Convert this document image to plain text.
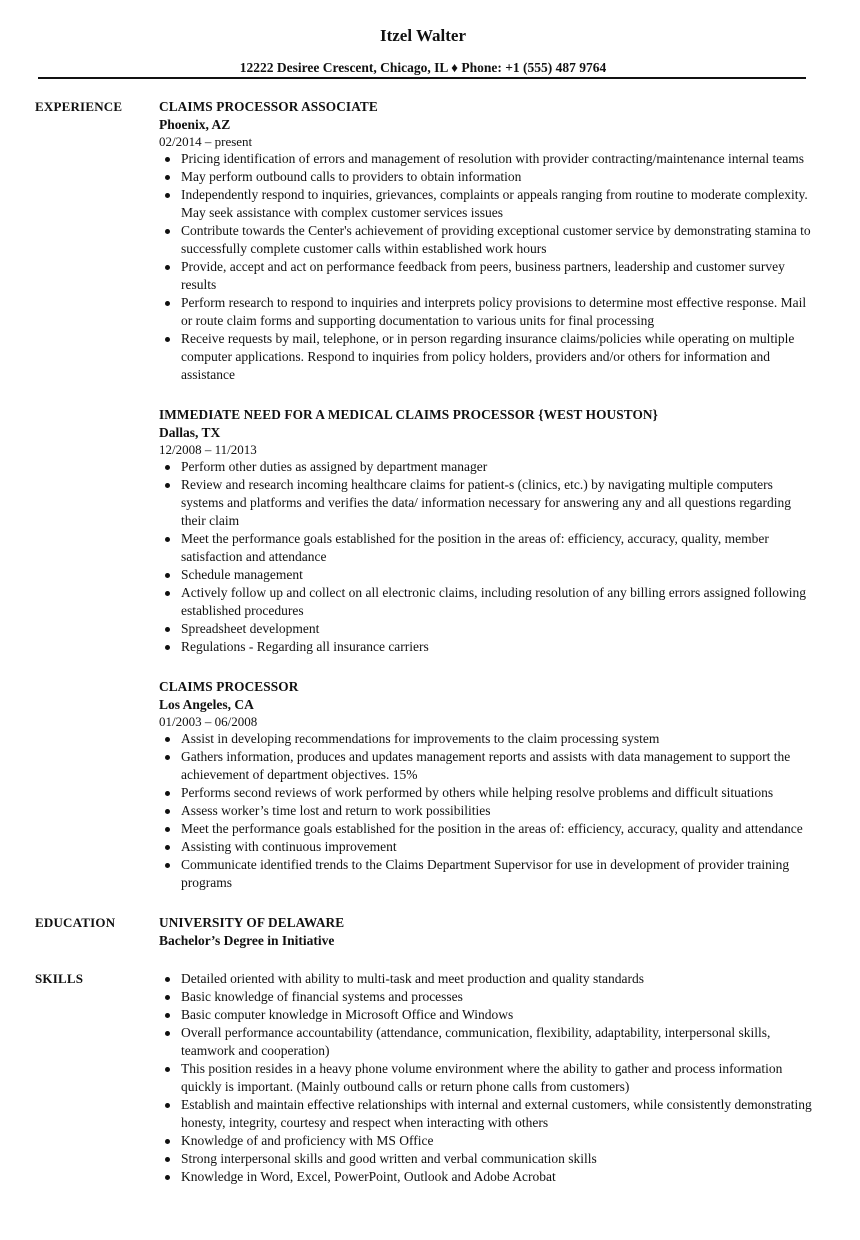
Itzel Walter
12222 Desiree Crescent, Chicago, IL ♦ Phone: +1 (555) 487 9764
EXPERIENCE	CLAIMS PROCESSOR ASSOCIATE
Phoenix, AZ
02/2014 – present
Pricing identification of errors and management of resolution with provider contracting/maintenance internal teams
May perform outbound calls to providers to obtain information
Independently respond to inquiries, grievances, complaints or appeals ranging from routine to moderate complexity. May seek assistance with complex customer services issues
Contribute towards the Center's achievement of providing exceptional customer service by demonstrating stamina to successfully complete customer calls within established work hours
Provide, accept and act on performance feedback from peers, business partners, leadership and customer survey results
Perform research to respond to inquiries and interprets policy provisions to determine most effective response. Mail or route claim forms and supporting documentation to various units for final processing
Receive requests by mail, telephone, or in person regarding insurance claims/policies while operating on multiple computer applications. Respond to inquiries from policy holders, providers and/or others for information and assistance
IMMEDIATE NEED FOR A MEDICAL CLAIMS PROCESSOR {WEST HOUSTON}
Dallas, TX
12/2008 – 11/2013
Perform other duties as assigned by department manager
Review and research incoming healthcare claims for patient-s (clinics, etc.) by navigating multiple computers systems and platforms and verifies the data/ information necessary for answering any and all questions regarding their claim
Meet the performance goals established for the position in the areas of: efficiency, accuracy, quality, member satisfaction and attendance
Schedule management
Actively follow up and collect on all electronic claims, including resolution of any billing errors assigned following established procedures
Spreadsheet development
Regulations - Regarding all insurance carriers
CLAIMS PROCESSOR
Los Angeles, CA
01/2003 – 06/2008
Assist in developing recommendations for improvements to the claim processing system
Gathers information, produces and updates management reports and assists with data management to support the achievement of department objectives. 15%
Performs second reviews of work performed by others while helping resolve problems and difficult situations
Assess worker’s time lost and return to work possibilities
Meet the performance goals established for the position in the areas of: efficiency, accuracy, quality and attendance
Assisting with continuous improvement
Communicate identified trends to the Claims Department Supervisor for use in development of provider training programs
EDUCATION	UNIVERSITY OF DELAWARE
Bachelor’s Degree in Initiative
SKILLS	Detailed oriented with ability to multi-task and meet production and quality standards
Basic knowledge of financial systems and processes
Basic computer knowledge in Microsoft Office and Windows
Overall performance accountability (attendance, communication, flexibility, adaptability, interpersonal skills, teamwork and cooperation)
This position resides in a heavy phone volume environment where the ability to gather and process information quickly is important. (Mainly outbound calls or return phone calls from customers)
Establish and maintain effective relationships with internal and external customers, while consistently demonstrating honesty, integrity, courtesy and respect when interacting with others
Knowledge of and proficiency with MS Office
Strong interpersonal skills and good written and verbal communication skills
Knowledge in Word, Excel, PowerPoint, Outlook and Adobe Acrobat
